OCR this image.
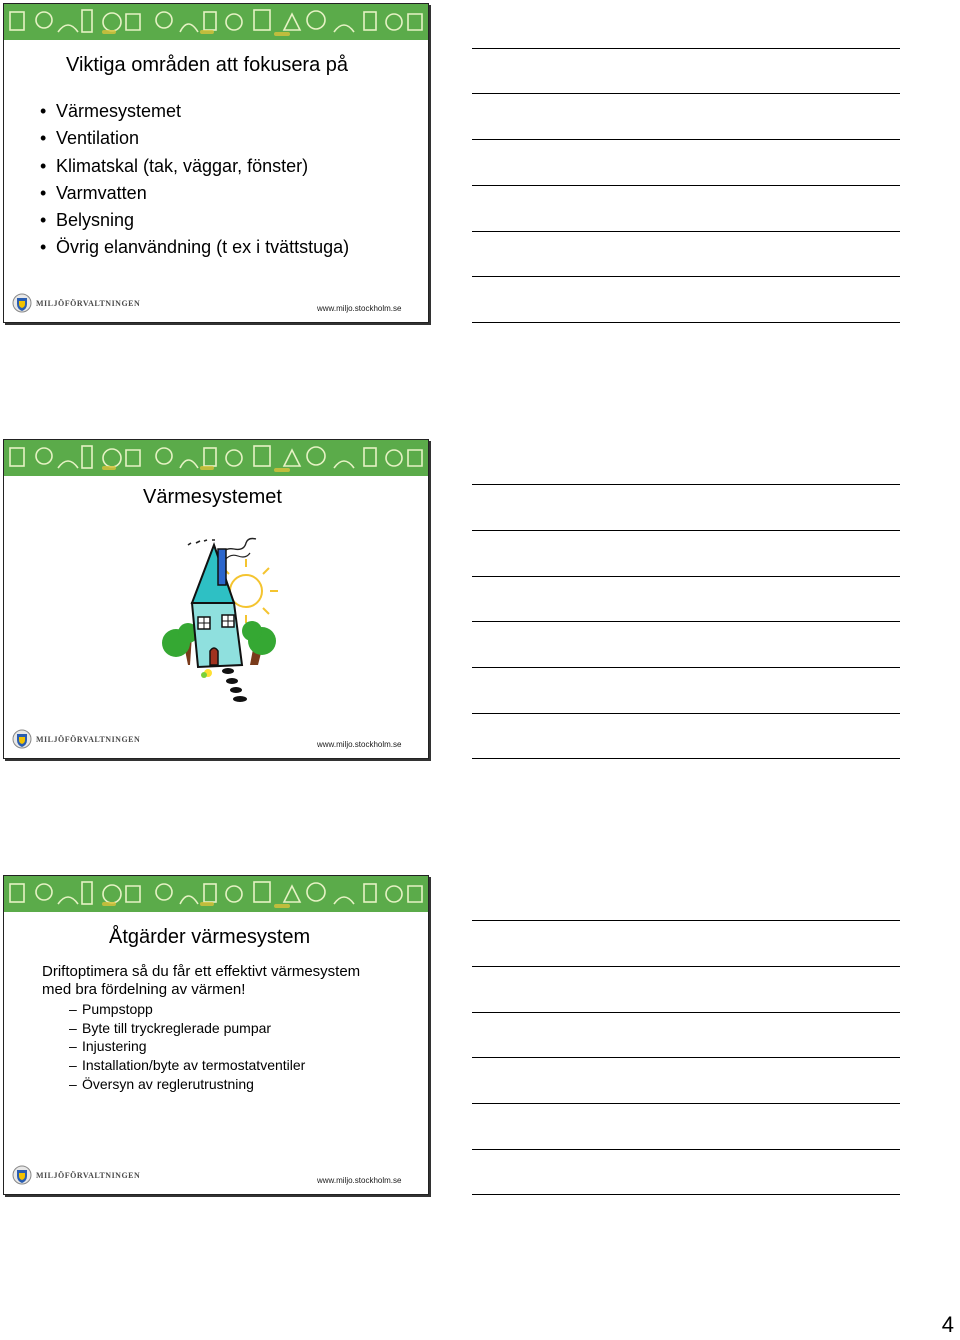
Viktiga områden att fokusera på
• Värmesystemet
• Ventilation
• Klimatskal (tak, väggar, fönster)
• Varmvatten
• Belysning
• Övrig elanvändning (t ex i tvättstuga)
MILJÖFÖRVALTNINGEN
www.miljo.stockholm.se
Värmesystemet
MILJÖFÖRVALTNINGEN
www.miljo.stockholm.se
Åtgärder värmesystem
MILJÖFÖRVALTNINGEN
www.miljo.stockholm.se
Driftoptimera så du får ett effektivt värmesystem
med bra fördelning av värmen!
– Pumpstopp
– Byte till tryckreglerade pumpar
– Injustering
– Installation/byte av termostatventiler
– Översyn av reglerutrustning
4
